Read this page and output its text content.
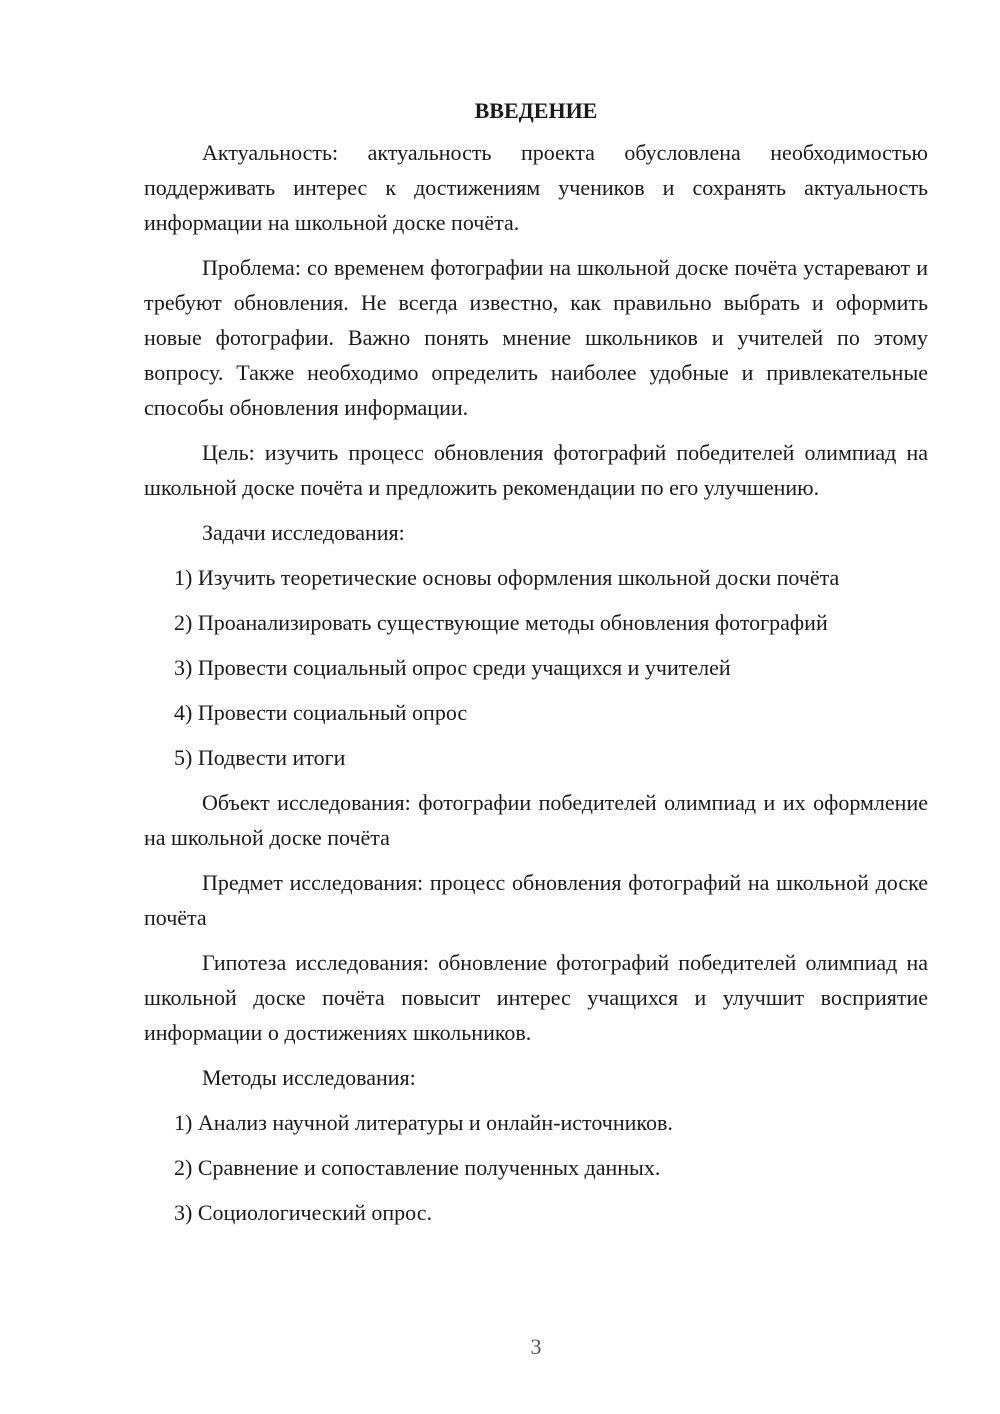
ВВЕДЕНИЕ

Актуальность: актуальность проекта обусловлена необходимостью поддерживать интерес к достижениям учеников и сохранять актуальность информации на школьной доске почёта.

Проблема: со временем фотографии на школьной доске почёта устаревают и требуют обновления. Не всегда известно, как правильно выбрать и оформить новые фотографии. Важно понять мнение школьников и учителей по этому вопросу. Также необходимо определить наиболее удобные и привлекательные способы обновления информации.

Цель: изучить процесс обновления фотографий победителей олимпиад на школьной доске почёта и предложить рекомендации по его улучшению.

Задачи исследования:

1) Изучить теоретические основы оформления школьной доски почёта

2) Проанализировать существующие методы обновления фотографий

3) Провести социальный опрос среди учащихся и учителей

4) Провести социальный опрос

5) Подвести итоги

Объект исследования: фотографии победителей олимпиад и их оформление на школьной доске почёта

Предмет исследования: процесс обновления фотографий на школьной доске почёта

Гипотеза исследования: обновление фотографий победителей олимпиад на школьной доске почёта повысит интерес учащихся и улучшит восприятие информации о достижениях школьников.

Методы исследования:

1) Анализ научной литературы и онлайн-источников.

2) Сравнение и сопоставление полученных данных.

3) Социологический опрос.

3
